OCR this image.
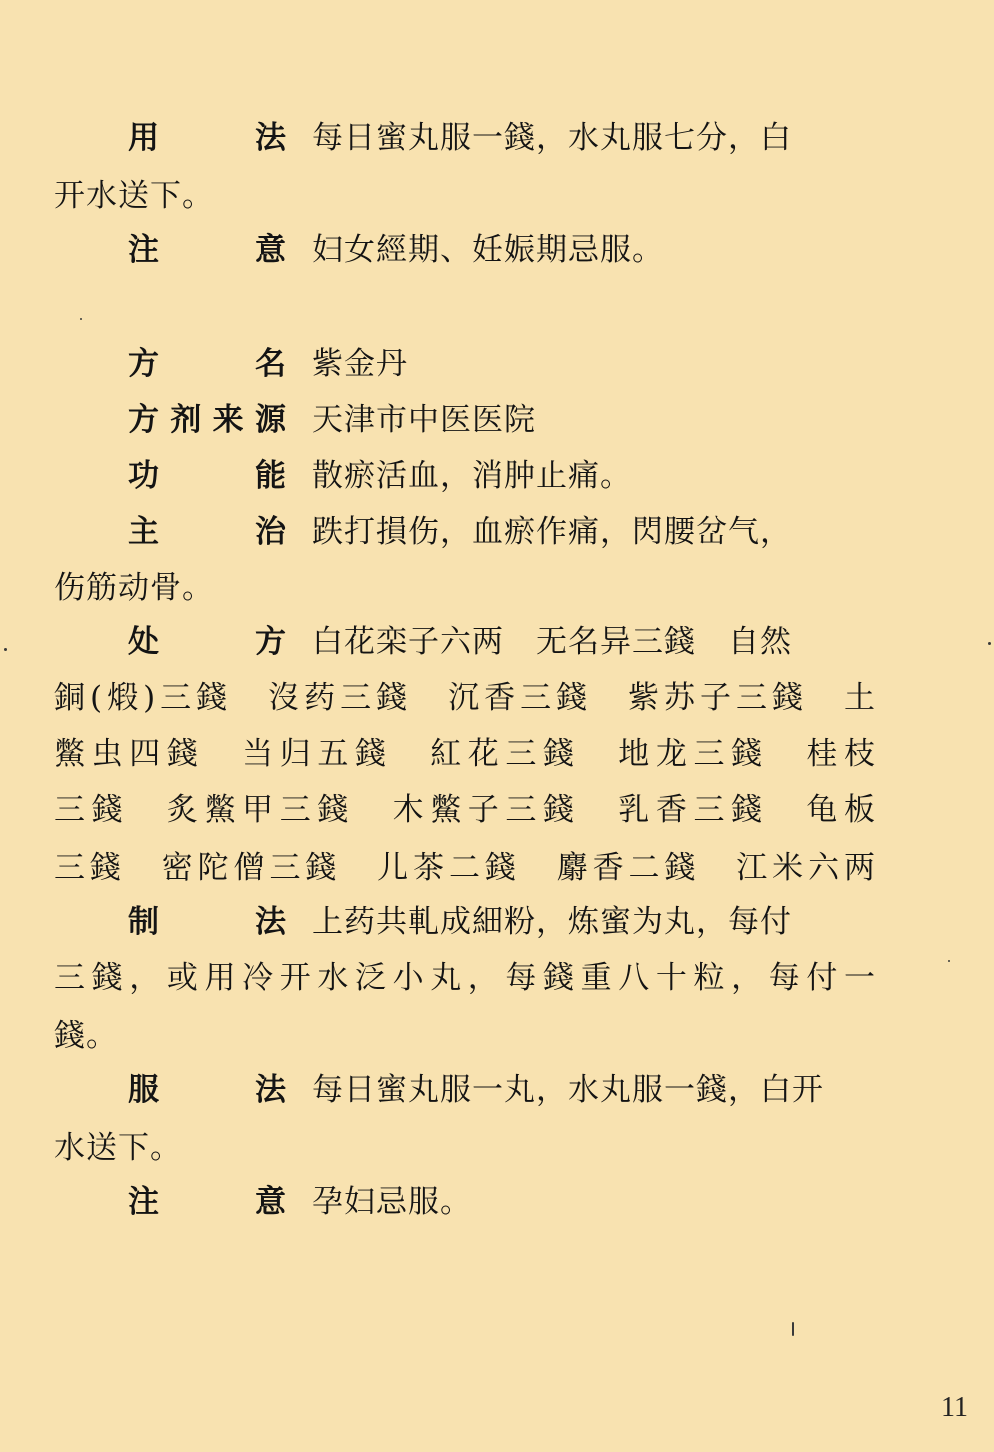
用法 每日蜜丸服一錢，水丸服七分，白
开水送下。
注意 妇女經期、妊娠期忌服。
方名 紫金丹
方剂来源 天津市中医医院
功能 散瘀活血，消肿止痛。
主治 跌打損伤，血瘀作痛，閃腰岔气，
伤筋动骨。
处方 白花栾子六两　无名异三錢　自然
銅(煅)三錢　沒药三錢　沉香三錢　紫苏子三錢　土
鱉虫四錢　当归五錢　紅花三錢　地龙三錢　桂枝
三錢　炙鱉甲三錢　木鱉子三錢　乳香三錢　龟板
三錢　密陀僧三錢　儿茶二錢　麝香二錢　江米六两
制法 上药共軋成細粉，炼蜜为丸，每付
三錢，或用冷开水泛小丸，每錢重八十粒，每付一
錢。
服法 每日蜜丸服一丸，水丸服一錢，白开
水送下。
注意 孕妇忌服。
11
